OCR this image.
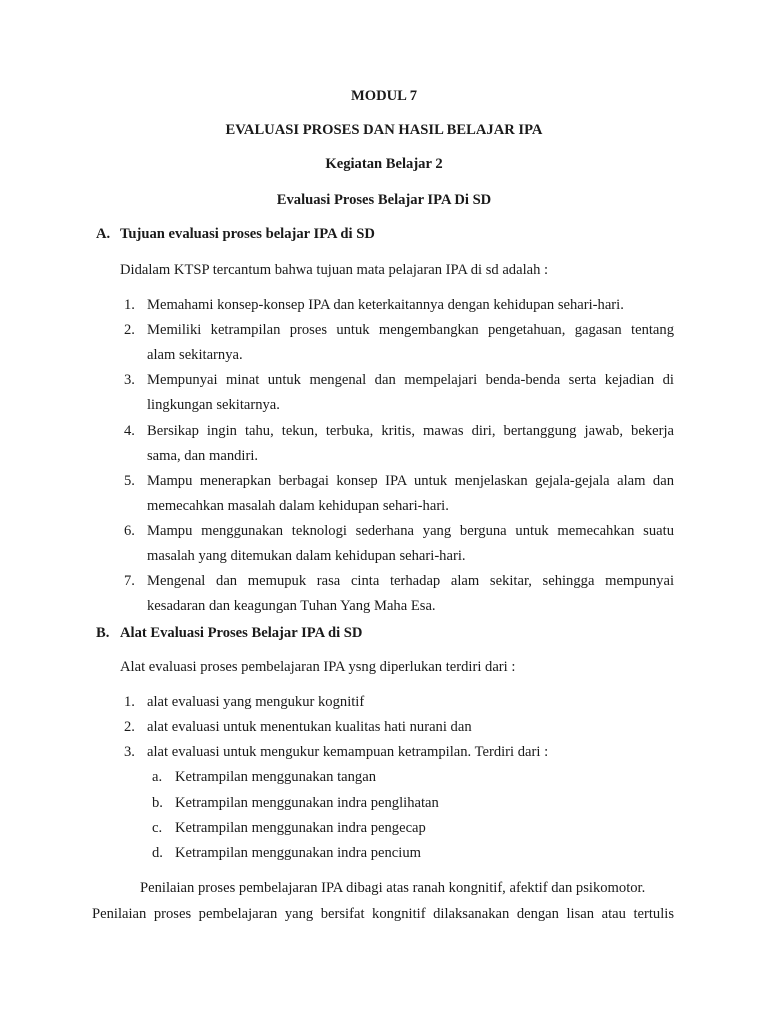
MODUL 7
EVALUASI PROSES DAN HASIL BELAJAR IPA
Kegiatan Belajar 2
Evaluasi Proses Belajar IPA Di SD
A. Tujuan evaluasi proses belajar IPA di SD
Didalam KTSP tercantum bahwa tujuan mata pelajaran IPA di sd adalah :
1. Memahami konsep-konsep IPA dan keterkaitannya dengan kehidupan sehari-hari.
2. Memiliki ketrampilan proses untuk mengembangkan pengetahuan, gagasan tentang
alam sekitarnya.
3. Mempunyai minat untuk mengenal dan mempelajari benda-benda serta kejadian di
lingkungan sekitarnya.
4. Bersikap ingin tahu, tekun, terbuka, kritis, mawas diri, bertanggung jawab, bekerja
sama, dan mandiri.
5. Mampu menerapkan berbagai konsep IPA untuk menjelaskan gejala-gejala alam dan
memecahkan masalah dalam kehidupan sehari-hari.
6. Mampu menggunakan teknologi sederhana yang berguna untuk memecahkan suatu
masalah yang ditemukan dalam kehidupan sehari-hari.
7. Mengenal dan memupuk rasa cinta terhadap alam sekitar, sehingga mempunyai
kesadaran dan keagungan Tuhan Yang Maha Esa.
B. Alat Evaluasi Proses Belajar IPA di SD
Alat evaluasi proses pembelajaran IPA ysng diperlukan terdiri dari :
1. alat evaluasi yang mengukur kognitif
2. alat evaluasi untuk menentukan kualitas hati nurani dan
3. alat evaluasi untuk mengukur kemampuan ketrampilan. Terdiri dari :
a. Ketrampilan menggunakan tangan
b. Ketrampilan menggunakan indra penglihatan
c. Ketrampilan menggunakan indra pengecap
d. Ketrampilan menggunakan indra pencium
Penilaian proses pembelajaran IPA dibagi atas ranah kongnitif, afektif dan psikomotor.
Penilaian proses pembelajaran yang bersifat kongnitif dilaksanakan dengan lisan atau tertulis
